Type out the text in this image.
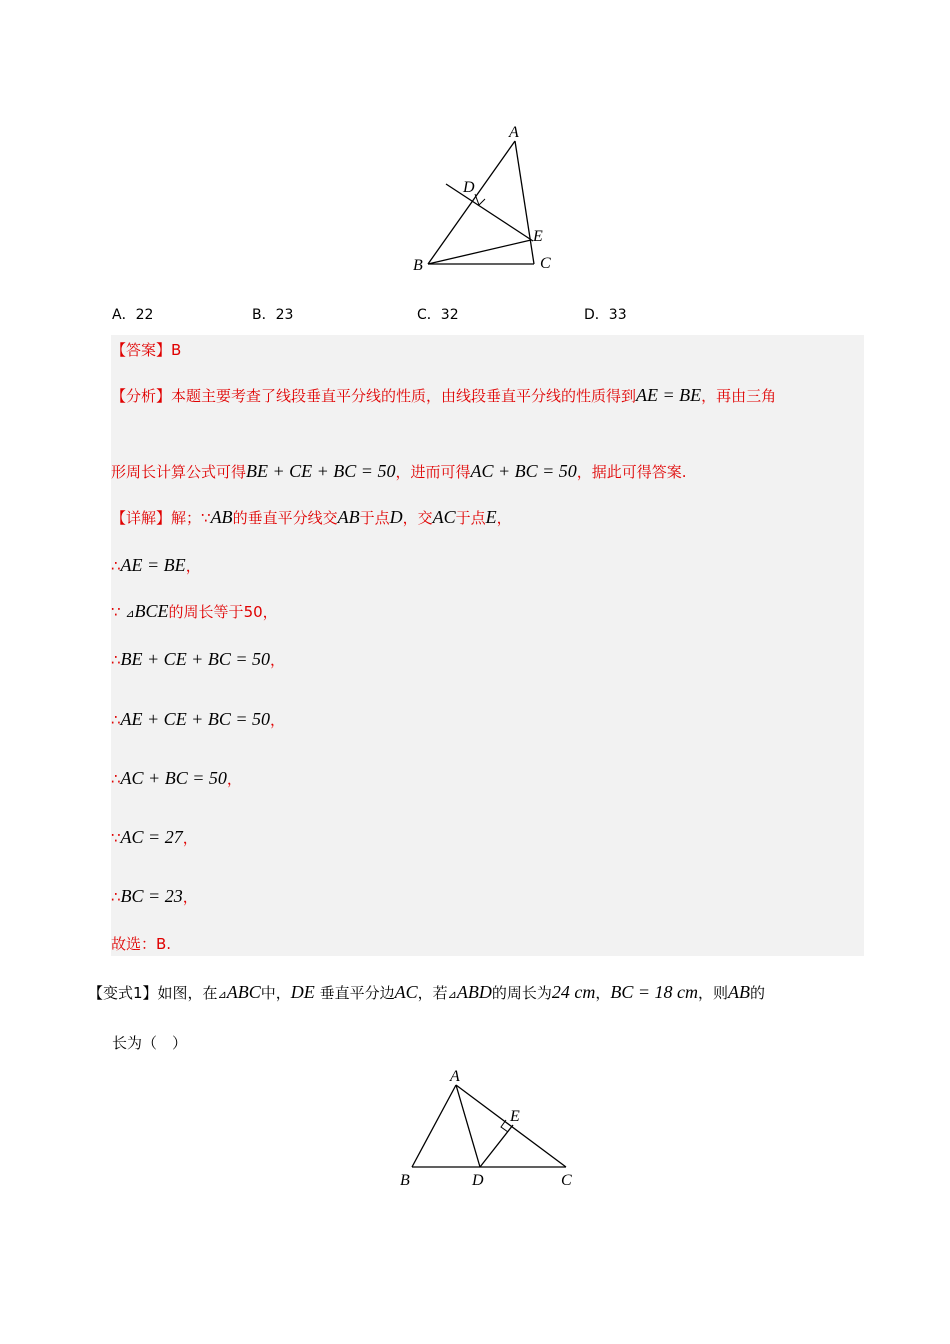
A
D
E
B	C
A．22	B．23	C．32	D．33
【答案】B
【分析】本题主要考查了线段垂直平分线的性质，由线段垂直平分线的性质得到AE = BE，再由三角
形周长计算公式可得BE + CE + BC = 50，进而可得AC + BC = 50，据此可得答案.
【详解】解；∵AB的垂直平分线交AB于点D，交AC于点E，
∴AE = BE，
∵ ⊿BCE的周长等于50，
∴BE + CE + BC = 50，
∴AE + CE + BC = 50，
∴AC + BC = 50，
∵AC = 27，
∴BC = 23，
故选：B.
【变式1】如图，在⊿ABC中，DE 垂直平分边AC，若⊿ABD的周长为24 cm，BC = 18 cm，则AB的
长为（　）
A
E
B	D	C
